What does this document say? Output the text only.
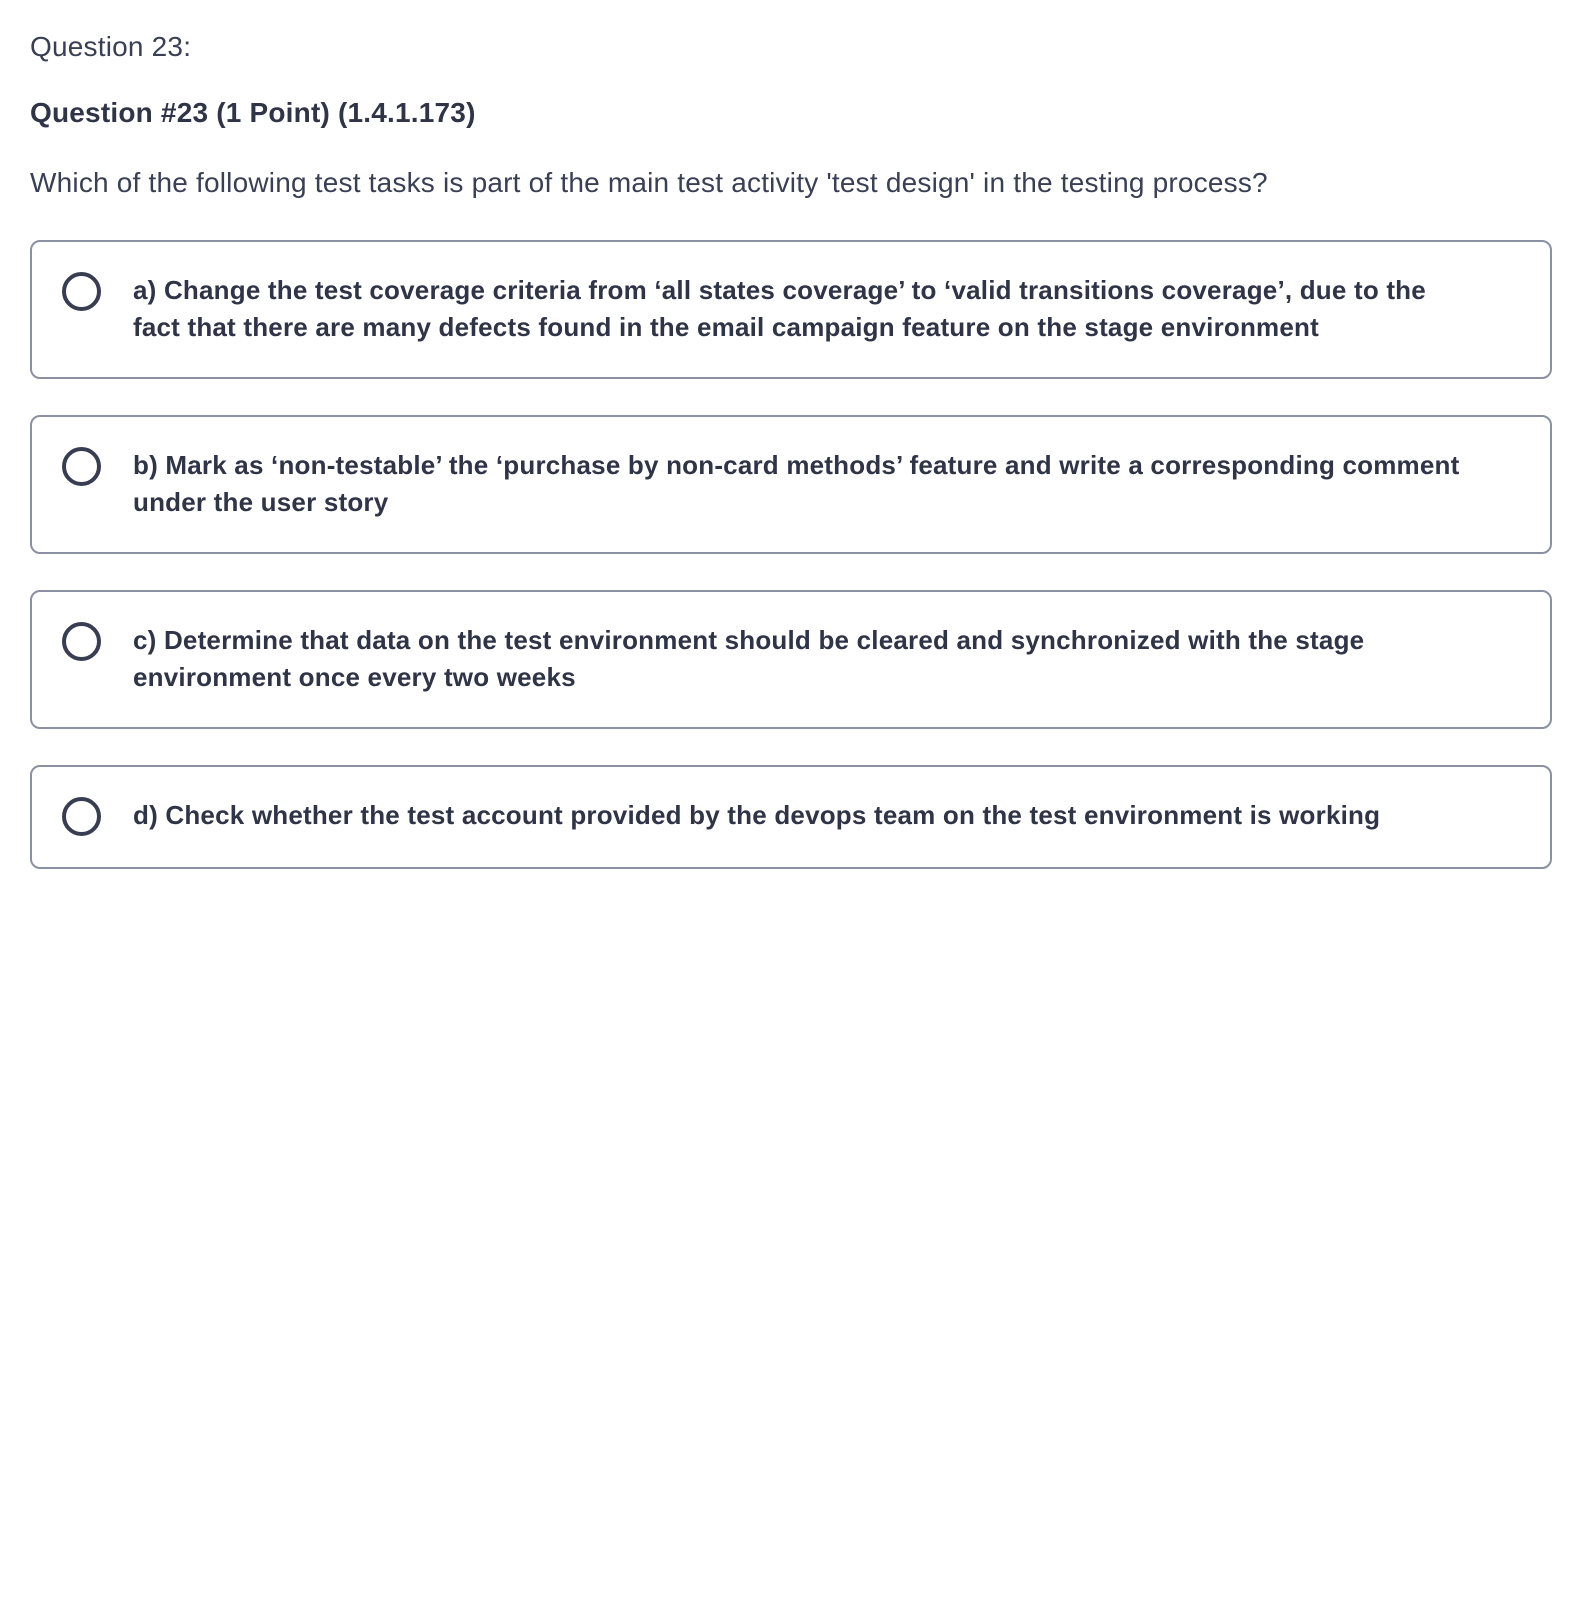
Question 23:
Question #23 (1 Point) (1.4.1.173)
Which of the following test tasks is part of the main test activity 'test design' in the testing process?
a) Change the test coverage criteria from ‘all states coverage’ to ‘valid transitions coverage’, due to the fact that there are many defects found in the email campaign feature on the stage environment
b) Mark as ‘non-testable’ the ‘purchase by non-card methods’ feature and write a corresponding comment under the user story
c) Determine that data on the test environment should be cleared and synchronized with the stage environment once every two weeks
d) Check whether the test account provided by the devops team on the test environment is working
